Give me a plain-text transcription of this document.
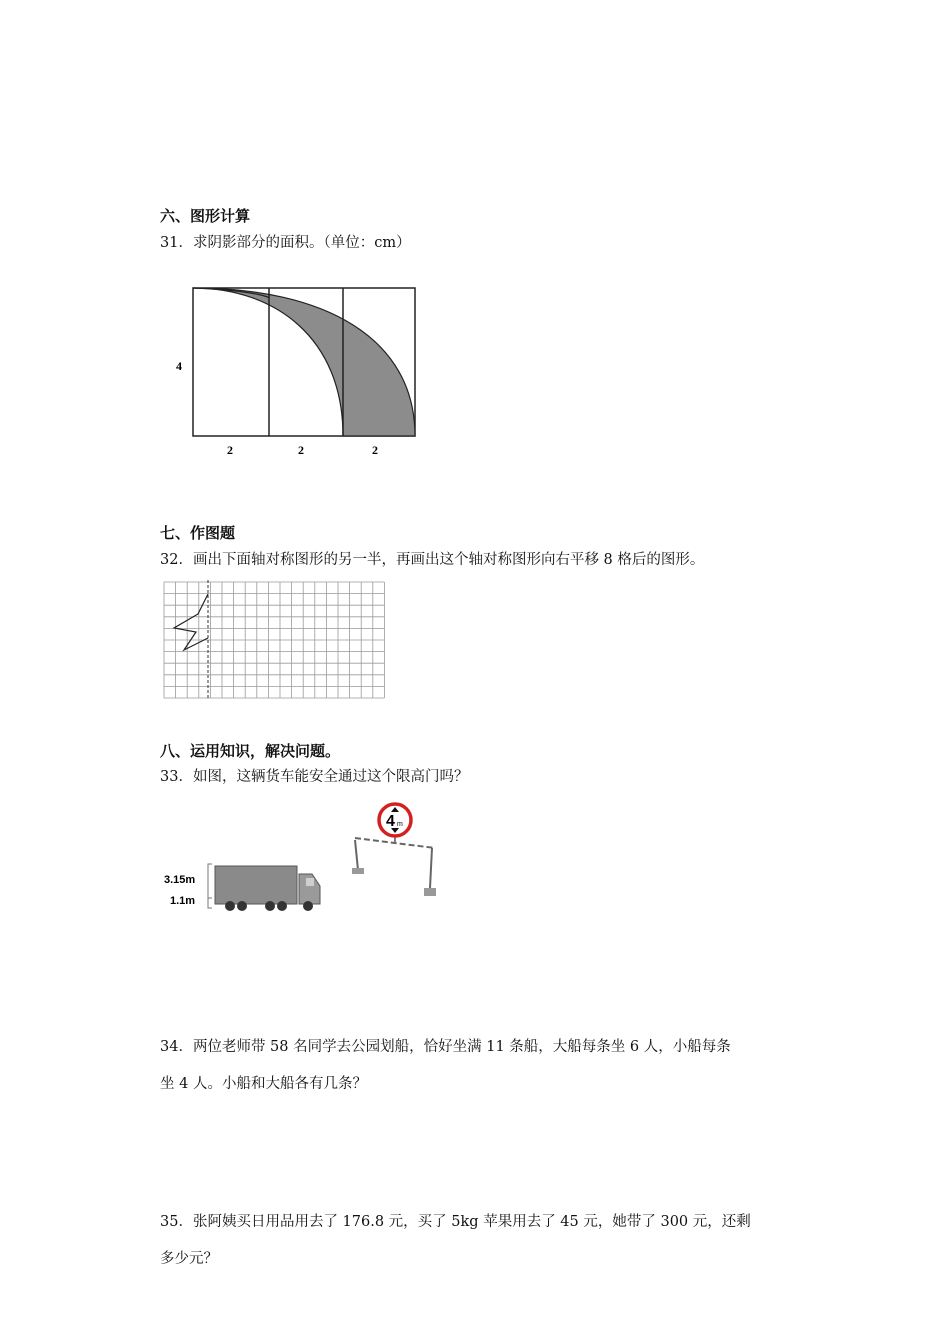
六、图形计算
31．求阴影部分的面积。（单位：cm）
4
2	2	2
七、作图题
32．画出下面轴对称图形的另一半，再画出这个轴对称图形向右平移 8 格后的图形。
八、运用知识，解决问题。
33．如图，这辆货车能安全通过这个限高门吗？
3.15m
1.1m
4 m
34．两位老师带 58 名同学去公园划船，恰好坐满 11 条船，大船每条坐 6 人，小船每条
坐 4 人。小船和大船各有几条？
35．张阿姨买日用品用去了 176.8 元，买了 5kg 苹果用去了 45 元，她带了 300 元，还剩
多少元？
